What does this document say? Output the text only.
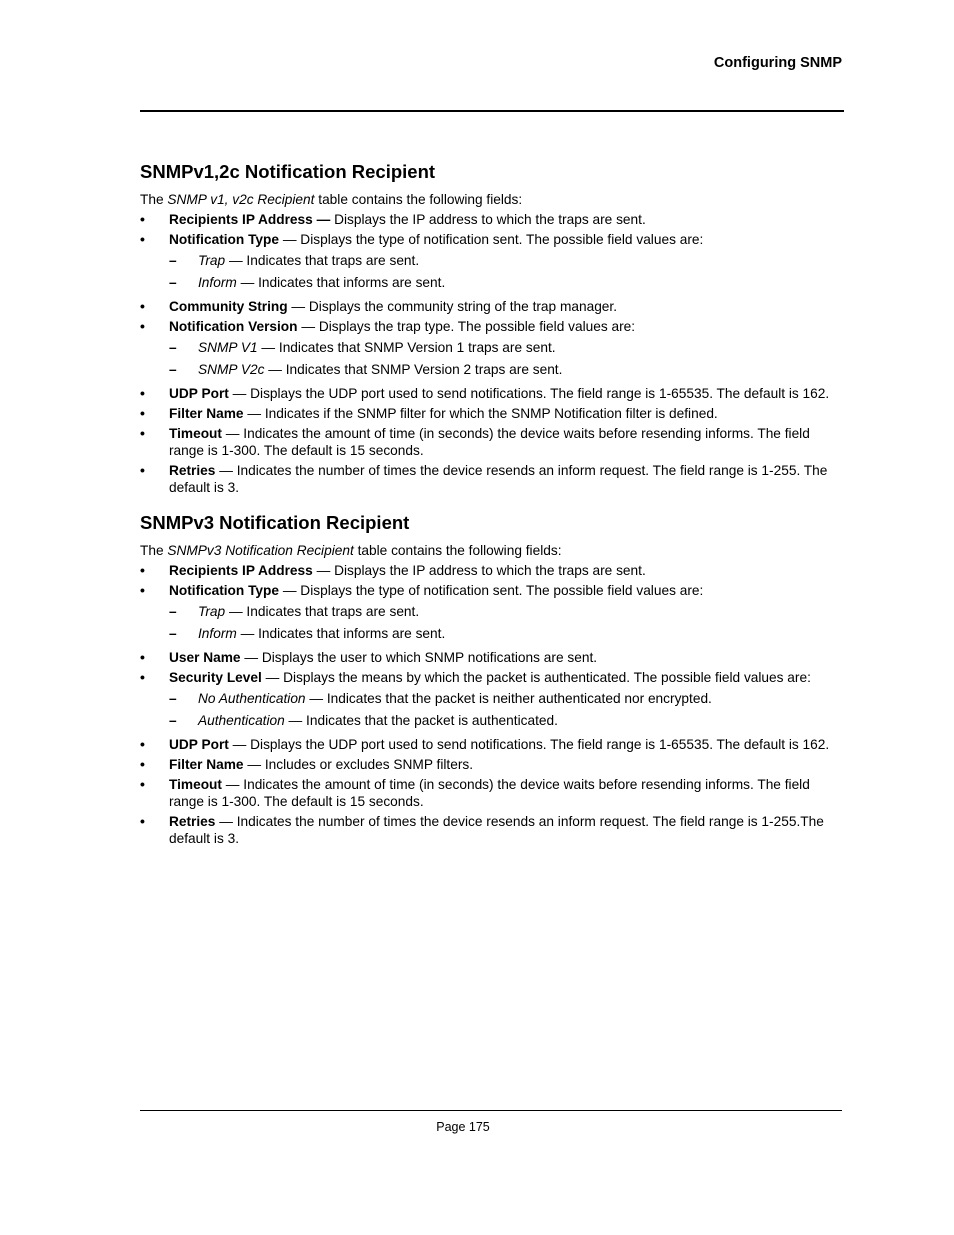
Configuring SNMP
SNMPv1,2c Notification Recipient

The SNMP v1, v2c Recipient table contains the following fields:

• Recipients IP Address — Displays the IP address to which the traps are sent.
• Notification Type — Displays the type of notification sent. The possible field values are:
– Trap — Indicates that traps are sent.
– Inform — Indicates that informs are sent.
• Community String — Displays the community string of the trap manager.
• Notification Version — Displays the trap type. The possible field values are:
– SNMP V1 — Indicates that SNMP Version 1 traps are sent.
– SNMP V2c — Indicates that SNMP Version 2 traps are sent.
• UDP Port — Displays the UDP port used to send notifications. The field range is 1-65535. The default is 162.
• Filter Name — Indicates if the SNMP filter for which the SNMP Notification filter is defined.
• Timeout — Indicates the amount of time (in seconds) the device waits before resending informs. The field range is 1-300. The default is 15 seconds.
• Retries — Indicates the number of times the device resends an inform request. The field range is 1-255. The default is 3.
SNMPv3 Notification Recipient

The SNMPv3 Notification Recipient table contains the following fields:

• Recipients IP Address — Displays the IP address to which the traps are sent.
• Notification Type — Displays the type of notification sent. The possible field values are:
– Trap — Indicates that traps are sent.
– Inform — Indicates that informs are sent.
• User Name — Displays the user to which SNMP notifications are sent.
• Security Level — Displays the means by which the packet is authenticated. The possible field values are:
– No Authentication — Indicates that the packet is neither authenticated nor encrypted.
– Authentication — Indicates that the packet is authenticated.
• UDP Port — Displays the UDP port used to send notifications. The field range is 1-65535. The default is 162.
• Filter Name — Includes or excludes SNMP filters.
• Timeout — Indicates the amount of time (in seconds) the device waits before resending informs. The field range is 1-300. The default is 15 seconds.
• Retries — Indicates the number of times the device resends an inform request. The field range is 1-255.The default is 3.
Page 175
